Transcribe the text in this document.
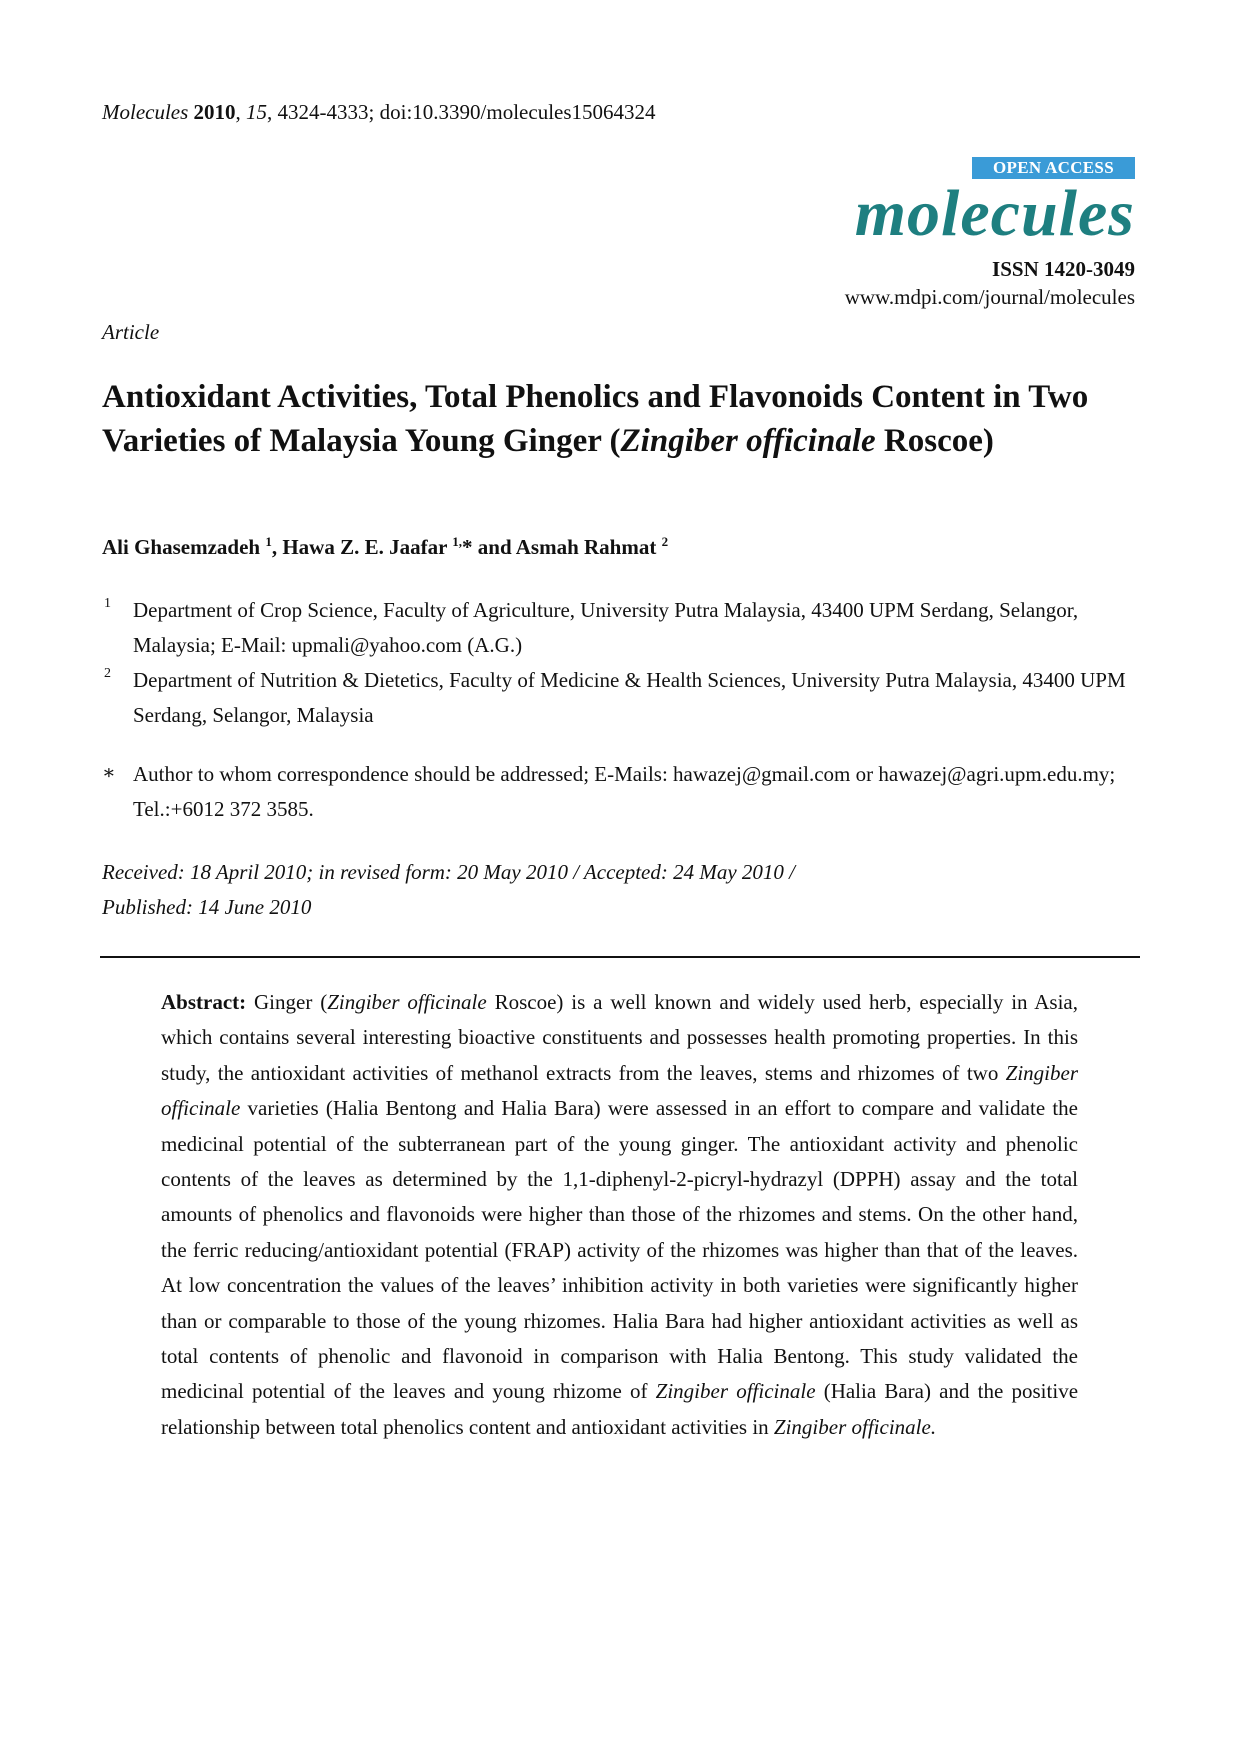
Molecules 2010, 15, 4324-4333; doi:10.3390/molecules15064324
OPEN ACCESS
molecules
ISSN 1420-3049
www.mdpi.com/journal/molecules
Article
Antioxidant Activities, Total Phenolics and Flavonoids Content in Two Varieties of Malaysia Young Ginger (Zingiber officinale Roscoe)
Ali Ghasemzadeh $^1$, Hawa Z. E. Jaafar $^{1,}$* and Asmah Rahmat $^2$
1 Department of Crop Science, Faculty of Agriculture, University Putra Malaysia, 43400 UPM Serdang, Selangor, Malaysia; E-Mail: upmali@yahoo.com (A.G.)
2 Department of Nutrition & Dietetics, Faculty of Medicine & Health Sciences, University Putra Malaysia, 43400 UPM Serdang, Selangor, Malaysia
∗ Author to whom correspondence should be addressed; E-Mails: hawazej@gmail.com or hawazej@agri.upm.edu.my; Tel.:+6012 372 3585.
Received: 18 April 2010; in revised form: 20 May 2010 / Accepted: 24 May 2010 /
Published: 14 June 2010
Abstract: Ginger (Zingiber officinale Roscoe) is a well known and widely used herb, especially in Asia, which contains several interesting bioactive constituents and possesses health promoting properties. In this study, the antioxidant activities of methanol extracts from the leaves, stems and rhizomes of two Zingiber officinale varieties (Halia Bentong and Halia Bara) were assessed in an effort to compare and validate the medicinal potential of the subterranean part of the young ginger. The antioxidant activity and phenolic contents of the leaves as determined by the 1,1-diphenyl-2-picryl-hydrazyl (DPPH) assay and the total amounts of phenolics and flavonoids were higher than those of the rhizomes and stems. On the other hand, the ferric reducing/antioxidant potential (FRAP) activity of the rhizomes was higher than that of the leaves. At low concentration the values of the leaves’ inhibition activity in both varieties were significantly higher than or comparable to those of the young rhizomes. Halia Bara had higher antioxidant activities as well as total contents of phenolic and flavonoid in comparison with Halia Bentong. This study validated the medicinal potential of the leaves and young rhizome of Zingiber officinale (Halia Bara) and the positive relationship between total phenolics content and antioxidant activities in Zingiber officinale.
